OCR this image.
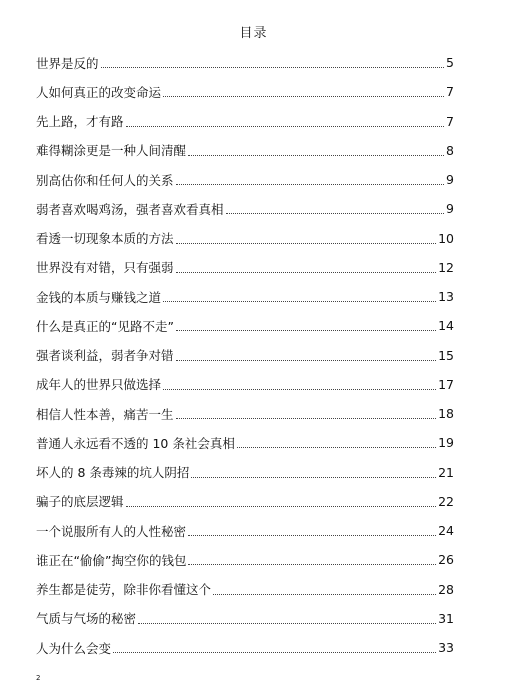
目录
世界是反的	5
人如何真正的改变命运	7
先上路，才有路	7
难得糊涂更是一种人间清醒	8
别高估你和任何人的关系	9
弱者喜欢喝鸡汤，强者喜欢看真相	9
看透一切现象本质的方法	10
世界没有对错，只有强弱	12
金钱的本质与赚钱之道	13
什么是真正的“见路不走”	14
强者谈利益，弱者争对错	15
成年人的世界只做选择	17
相信人性本善，痛苦一生	18
普通人永远看不透的 10 条社会真相	19
坏人的 8 条毒辣的坑人阴招	21
骗子的底层逻辑	22
一个说服所有人的人性秘密	24
谁正在“偷偷”掏空你的钱包	26
养生都是徒劳，除非你看懂这个	28
气质与气场的秘密	31
人为什么会变	33
2
